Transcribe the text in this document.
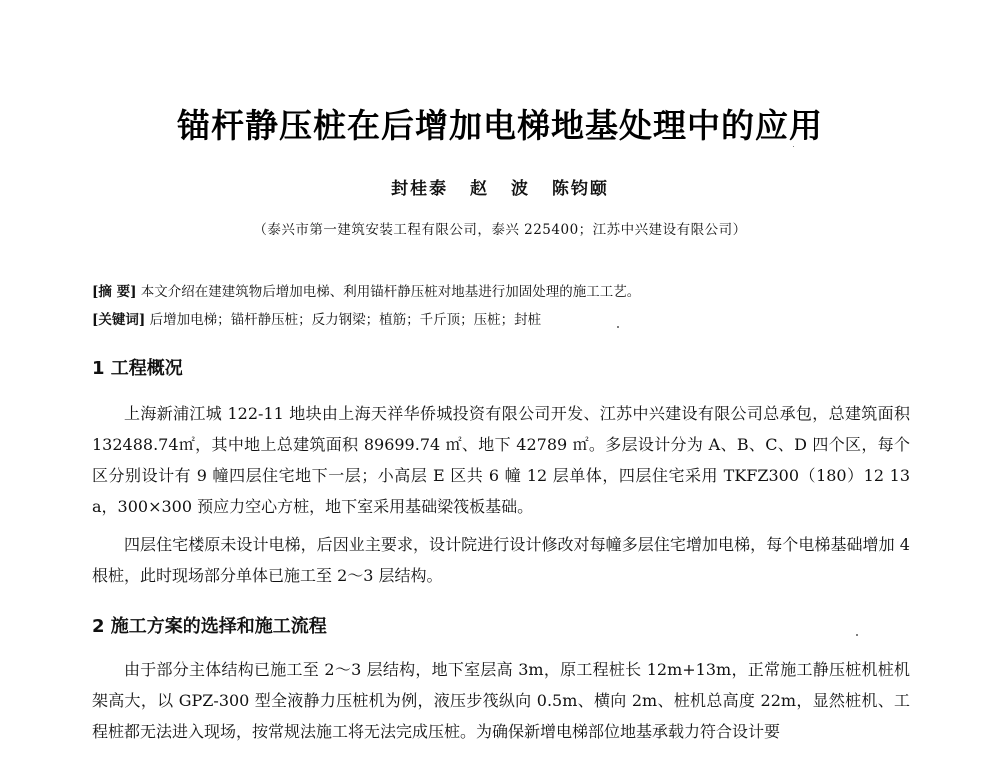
锚杆静压桩在后增加电梯地基处理中的应用
封桂泰 赵 波 陈钧颐
（泰兴市第一建筑安装工程有限公司，泰兴 225400；江苏中兴建设有限公司）
[摘 要] 本文介绍在建建筑物后增加电梯、利用锚杆静压桩对地基进行加固处理的施工工艺。
[关键词] 后增加电梯；锚杆静压桩；反力钢梁；植筋；千斤顶；压桩；封桩
1 工程概况
上海新浦江城 122-11 地块由上海天祥华侨城投资有限公司开发、江苏中兴建设有限公司总承包，总建筑面积 132488.74㎡，其中地上总建筑面积 89699.74 ㎡、地下 42789 ㎡。多层设计分为 A、B、C、D 四个区，每个区分别设计有 9 幢四层住宅地下一层；小高层 E 区共 6 幢 12 层单体，四层住宅采用 TKFZ300（180）12 13 a，300×300 预应力空心方桩，地下室采用基础梁筏板基础。
四层住宅楼原未设计电梯，后因业主要求，设计院进行设计修改对每幢多层住宅增加电梯，每个电梯基础增加 4 根桩，此时现场部分单体已施工至 2～3 层结构。
2 施工方案的选择和施工流程
由于部分主体结构已施工至 2～3 层结构，地下室层高 3m，原工程桩长 12m+13m，正常施工静压桩机桩机架高大，以 GPZ-300 型全液静力压桩机为例，液压步筏纵向 0.5m、横向 2m、桩机总高度 22m，显然桩机、工程桩都无法进入现场，按常规法施工将无法完成压桩。为确保新增电梯部位地基承载力符合设计要
